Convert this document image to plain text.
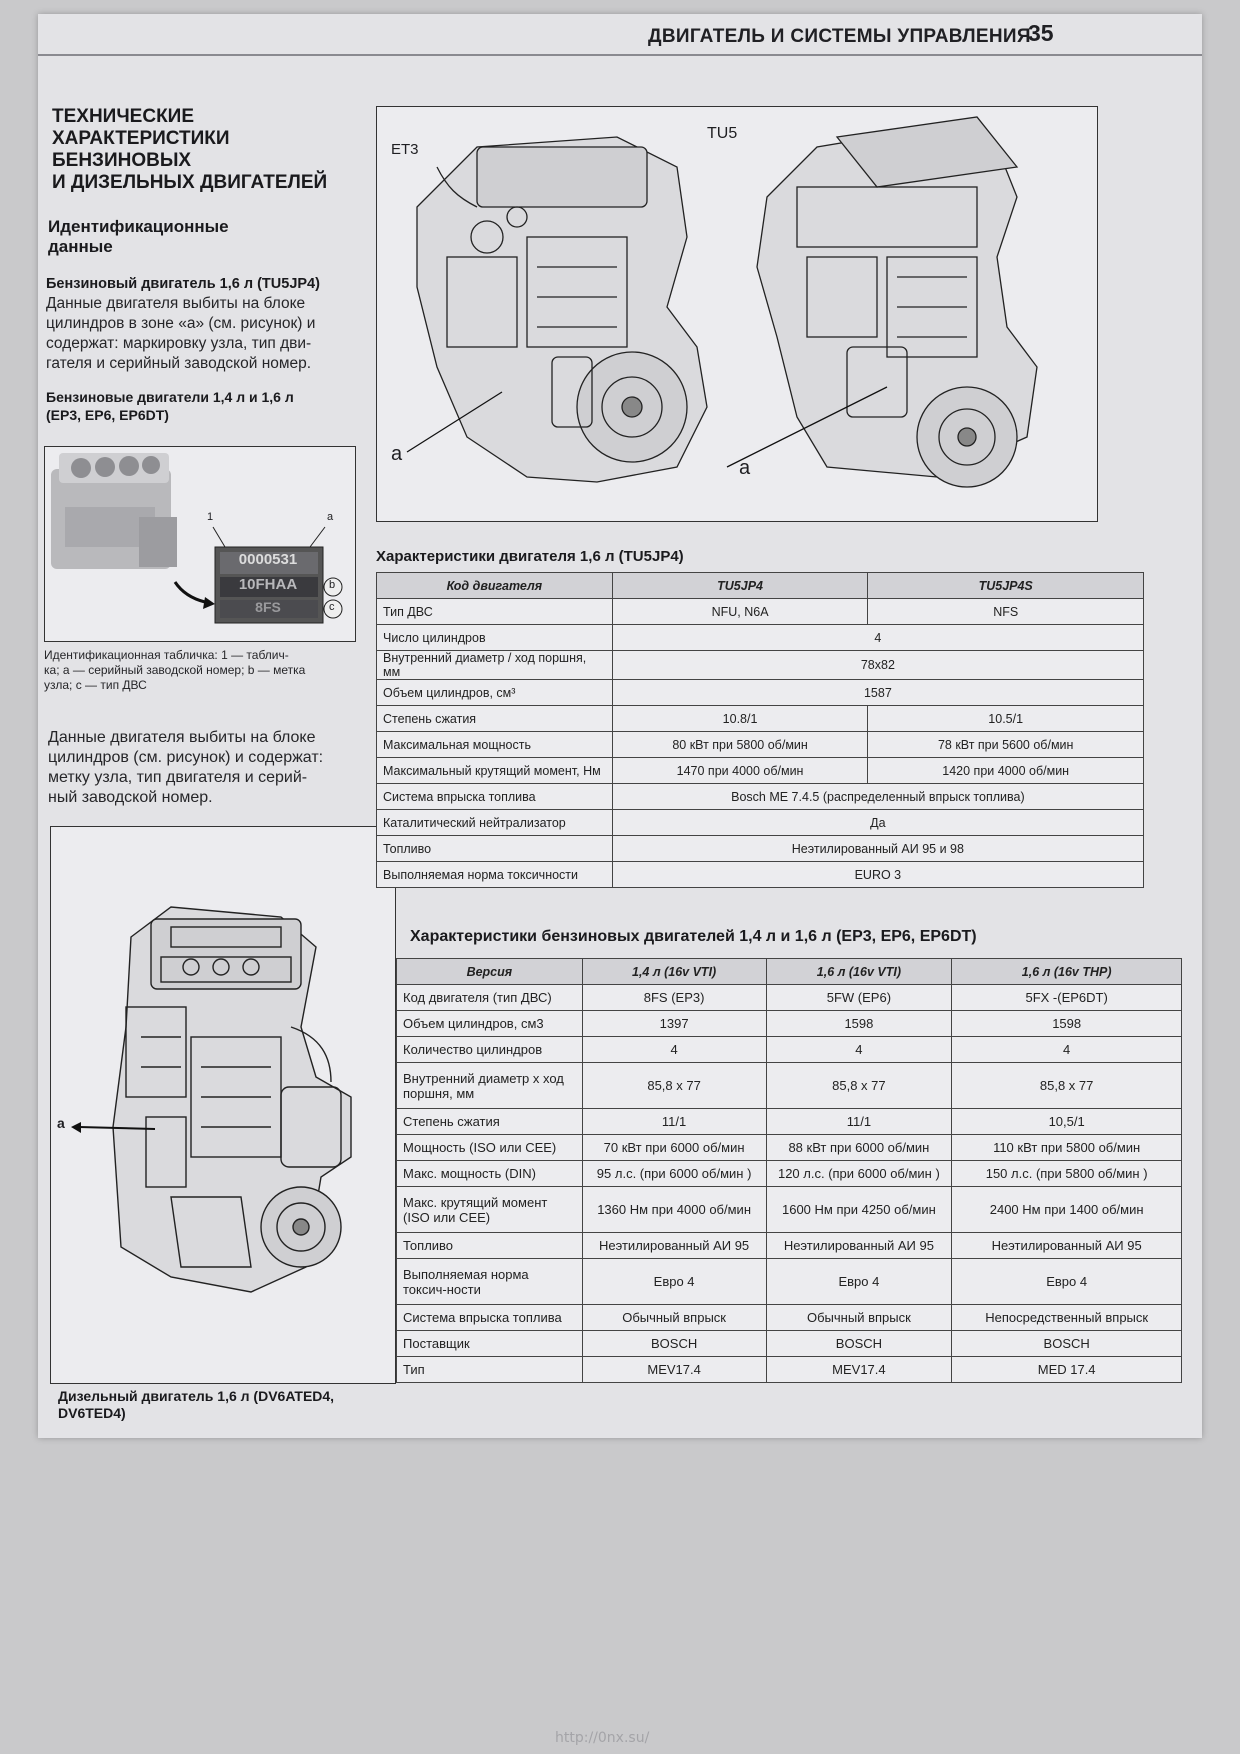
ДВИГАТЕЛЬ И СИСТЕМЫ УПРАВЛЕНИЯ
35
ТЕХНИЧЕСКИЕ
ХАРАКТЕРИСТИКИ
БЕНЗИНОВЫХ
И ДИЗЕЛЬНЫХ ДВИГАТЕЛЕЙ
Идентификационные
данные
Бензиновый двигатель 1,6 л (TU5JP4)
Данные двигателя выбиты на блоке
цилиндров в зоне «а» (см. рисунок) и
содержат: маркировку узла, тип дви-
гателя и серийный заводской номер.
Бензиновые двигатели 1,4 л и 1,6 л
(EP3, EP6, EP6DT)
0000531
10FHAA
8FS
1	a
b
c
Идентификационная табличка: 1 — таблич-
ка; а — серийный заводской номер; b — метка
узла; с — тип ДВС
Данные двигателя выбиты на блоке
цилиндров (см. рисунок) и содержат:
метку узла, тип двигателя и серий-
ный заводской номер.
a
Дизельный двигатель 1,6 л (DV6ATED4,
DV6TED4)
ET3
TU5
a
a
Характеристики двигателя 1,6 л (TU5JP4)
Код двигателя	TU5JP4	TU5JP4S
Тип ДВС	NFU, N6A	NFS
Число цилиндров	4	
Внутренний диаметр / ход поршня, мм	78x82	
Объем цилиндров, см³	1587	
Степень сжатия	10.8/1	10.5/1
Максимальная мощность	80 кВт при 5800 об/мин	78 кВт при 5600 об/мин
Максимальный крутящий момент, Нм	1470 при 4000 об/мин	1420 при 4000 об/мин
Система впрыска топлива	Bosch ME 7.4.5 (распределенный впрыск топлива)	
Каталитический нейтрализатор	Да	
Топливо	Неэтилированный АИ 95 и 98	
Выполняемая норма токсичности	EURO 3	
Характеристики бензиновых двигателей 1,4 л и 1,6 л (EP3, EP6, EP6DT)
Версия	1,4 л (16v VTI)	1,6 л (16v VTI)	1,6 л (16v THP)
Код двигателя (тип ДВС)	8FS (EP3)	5FW (EP6)	5FX -(EP6DT)
Объем цилиндров, см3	1397	1598	1598
Количество цилиндров	4	4	4
Внутренний диаметр х ход поршня, мм	85,8 х 77	85,8 х 77	85,8 х 77
Степень сжатия	11/1	11/1	10,5/1
Мощность (ISO или CEE)	70 кВт при 6000 об/мин	88 кВт при 6000 об/мин	110 кВт при 5800 об/мин
Макс. мощность (DIN)	95 л.с. (при 6000 об/мин )	120 л.с. (при 6000 об/мин )	150 л.с. (при 5800 об/мин )
Макс. крутящий момент (ISO или CEE)	1360 Нм при 4000 об/мин	1600 Нм при 4250 об/мин	2400 Нм при 1400 об/мин
Топливо	Неэтилированный АИ 95	Неэтилированный АИ 95	Неэтилированный АИ 95
Выполняемая норма токсич-ности	Евро 4	Евро 4	Евро 4
Система впрыска топлива	Обычный впрыск	Обычный впрыск	Непосредственный впрыск
Поставщик	BOSCH	BOSCH	BOSCH
Тип	MEV17.4	MEV17.4	MED 17.4
http://0nx.su/
